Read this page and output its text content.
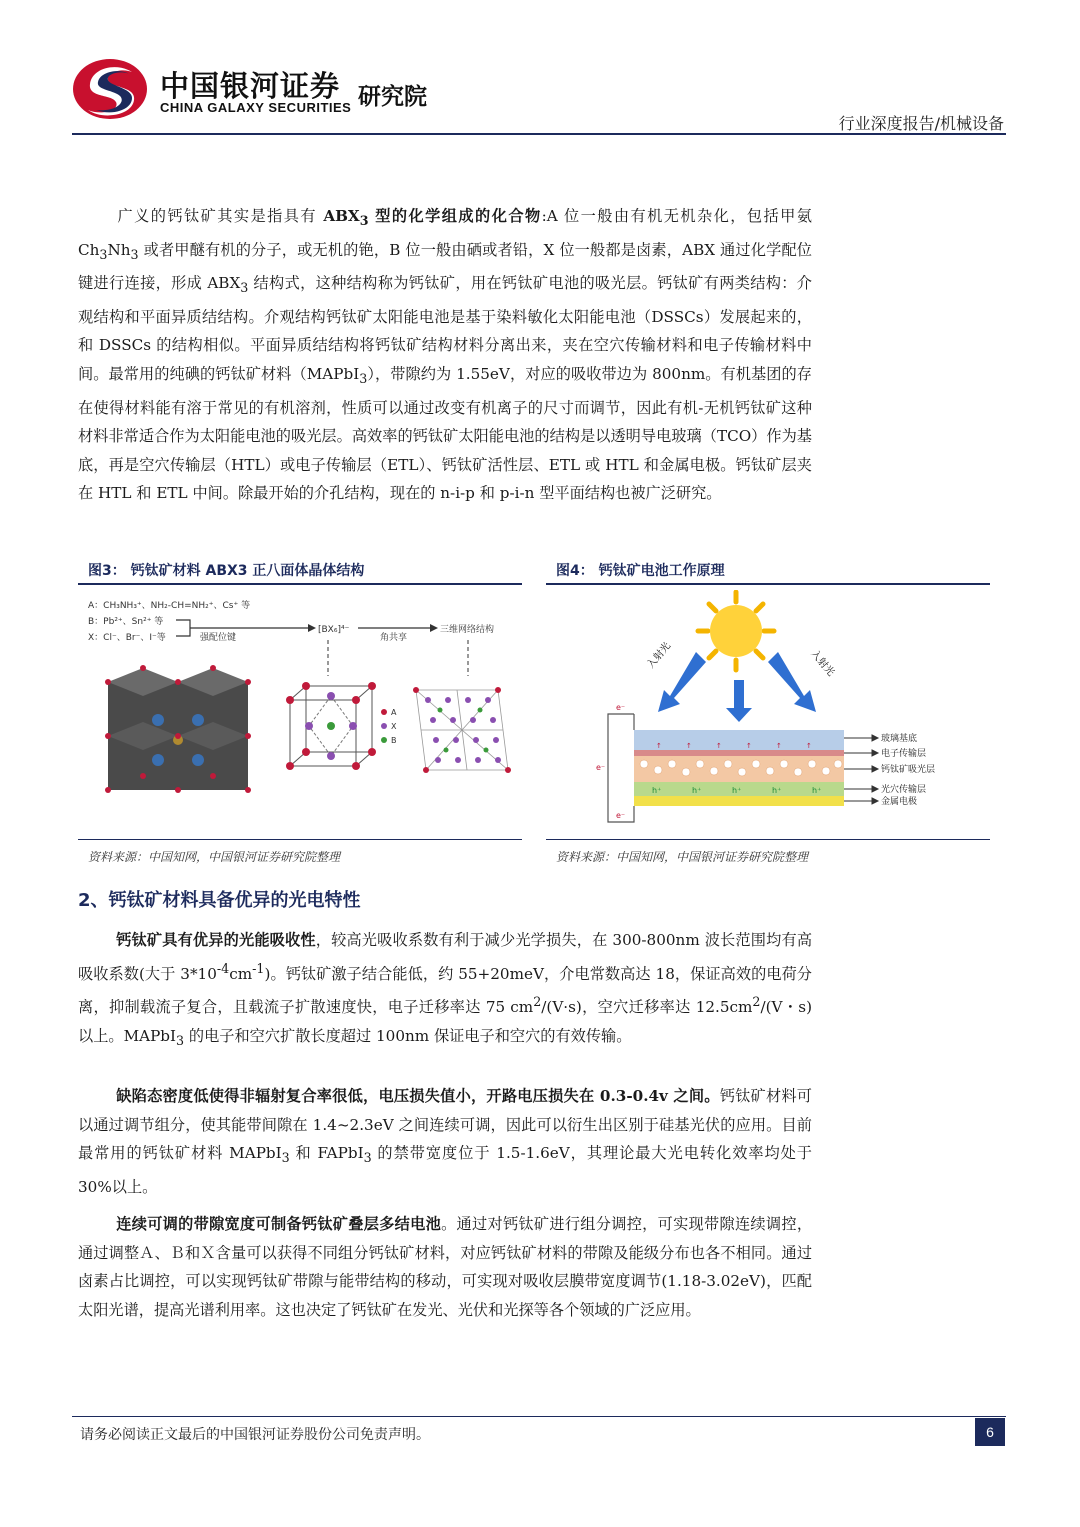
中国银河证券
CHINA GALAXY SECURITIES 研究院
行业深度报告/机械设备
广义的钙钛矿其实是指具有 $ABX_3$ 型的化学组成的化合物:A 位一般由有机无机杂化，包括甲氨 $Ch_3Nh_3$ 或者甲醚有机的分子，或无机的铯，B 位一般由硒或者铅，X 位一般都是卤素，ABX 通过化学配位键进行连接，形成 $ABX_3$ 结构式，这种结构称为钙钛矿，用在钙钛矿电池的吸光层。钙钛矿有两类结构：介观结构和平面异质结结构。介观结构钙钛矿太阳能电池是基于染料敏化太阳能电池（DSSCs）发展起来的，和 DSSCs 的结构相似。平面异质结结构将钙钛矿结构材料分离出来，夹在空穴传输材料和电子传输材料中间。最常用的纯碘的钙钛矿材料（MAPbI$_3$），带隙约为 1.55eV，对应的吸收带边为 800nm。有机基团的存在使得材料能有溶于常见的有机溶剂，性质可以通过改变有机离子的尺寸而调节，因此有机-无机钙钛矿这种材料非常适合作为太阳能电池的吸光层。高效率的钙钛矿太阳能电池的结构是以透明导电玻璃（TCO）作为基底，再是空穴传输层（HTL）或电子传输层（ETL）、钙钛矿活性层、ETL 或 HTL 和金属电极。钙钛矿层夹在 HTL 和 ETL 中间。除最开始的介孔结构，现在的 n-i-p 和 p-i-n 型平面结构也被广泛研究。
图3： 钙钛矿材料 ABX3 正八面体晶体结构
A：CH₃NH₃⁺、NH₂-CH=NH₂⁺、Cs⁺ 等
B：Pb²⁺、Sn²⁺ 等
X：Cl⁻、Br⁻、I⁻等	强配位键
[BX₆]⁴⁻
角共享
三维网络结构
A
X
B
资料来源：中国知网，中国银河证券研究院整理
图4： 钙钛矿电池工作原理
入射光	入射光
↑	↑	↑	↑	↑	↑
h⁺	h⁺	h⁺	h⁺	h⁺
e⁻
e⁻
e⁻
玻璃基底
电子传输层
钙钛矿吸光层
光穴传输层
金属电极
资料来源：中国知网，中国银河证券研究院整理
2、钙钛矿材料具备优异的光电特性
钙钛矿具有优异的光能吸收性，较高光吸收系数有利于减少光学损失，在 300-800nm 波长范围均有高吸收系数(大于 $3*10^{-4}cm^{-1}$)。钙钛矿激子结合能低，约 55+20meV，介电常数高达 18，保证高效的电荷分离，抑制载流子复合，且载流子扩散速度快，电子迁移率达 75 $cm^2/(V\cdot s)$，空穴迁移率达 $12.5cm^2/(V$・s)以上。MAPbI$_3$ 的电子和空穴扩散长度超过 100nm 保证电子和空穴的有效传输。
缺陷态密度低使得非辐射复合率很低，电压损失值小，开路电压损失在 0.3-0.4v 之间。钙钛矿材料可以通过调节组分，使其能带间隙在 1.4~2.3eV 之间连续可调，因此可以衍生出区别于硅基光伏的应用。目前最常用的钙钛矿材料 MAPbI$_3$ 和 FAPbI$_3$ 的禁带宽度位于 1.5-1.6eV，其理论最大光电转化效率均处于 30%以上。
连续可调的带隙宽度可制备钙钛矿叠层多结电池。通过对钙钛矿进行组分调控，可实现带隙连续调控，通过调整Ａ、Ｂ和Ｘ含量可以获得不同组分钙钛矿材料，对应钙钛矿材料的带隙及能级分布也各不相同。通过卤素占比调控，可以实现钙钛矿带隙与能带结构的移动，可实现对吸收层膜带宽度调节(1.18-3.02eV)，匹配太阳光谱，提高光谱利用率。这也决定了钙钛矿在发光、光伏和光探等各个领域的广泛应用。
请务必阅读正文最后的中国银河证券股份公司免责声明。	6
